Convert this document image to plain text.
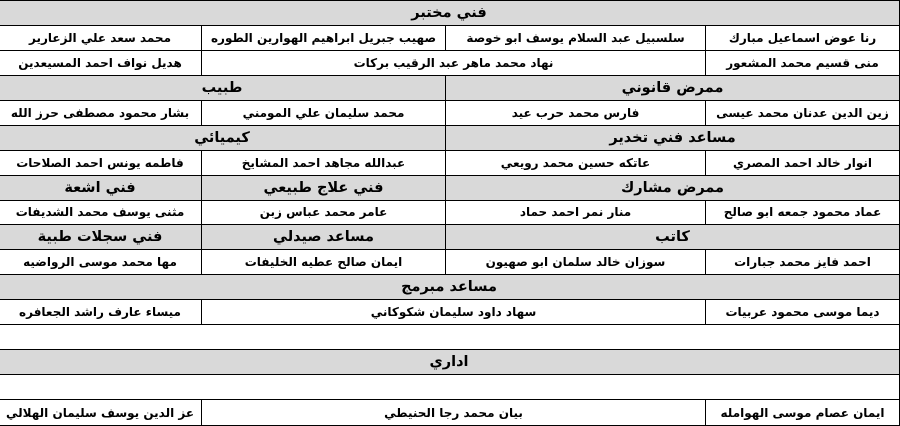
فني مختبر
رنا عوض اسماعيل مبارك
سلسبيل عبد السلام يوسف ابو خوصة
صهيب جبريل ابراهيم الهوارين الطوره
محمد سعد علي الزعارير
منى قسيم محمد المشعور
نهاد محمد ماهر عبد الرقيب بركات
هديل نواف احمد المسيعدين
ممرض قانوني
طبيب
زين الدين عدنان محمد عيسى
فارس محمد حرب عيد
محمد سليمان علي المومني
بشار محمود مصطفى حرز الله
مساعد فني تخدير
كيميائي
انوار خالد احمد المصري
عاتكه حسين محمد رويعي
عبدالله مجاهد احمد المشايخ
فاطمه يونس احمد الصلاحات
ممرض مشارك
فني علاج طبيعي
فني اشعة
عماد محمود جمعه ابو صالح
منار نمر احمد حماد
عامر محمد عباس زبن
مثنى يوسف محمد الشديفات
كاتب
مساعد صيدلي
فني سجلات طبية
احمد فايز محمد جبارات
سوزان خالد سلمان ابو صهيون
ايمان صالح عطيه الخليفات
مها محمد موسى الرواضيه
مساعد مبرمج
ديما موسى محمود عربيات
سهاد داود سليمان شكوكاني
ميساء عارف راشد الجعافره
اداري
ايمان عصام موسى الهوامله
بيان محمد رجا الحنيطي
عز الدين يوسف سليمان الهلالي
